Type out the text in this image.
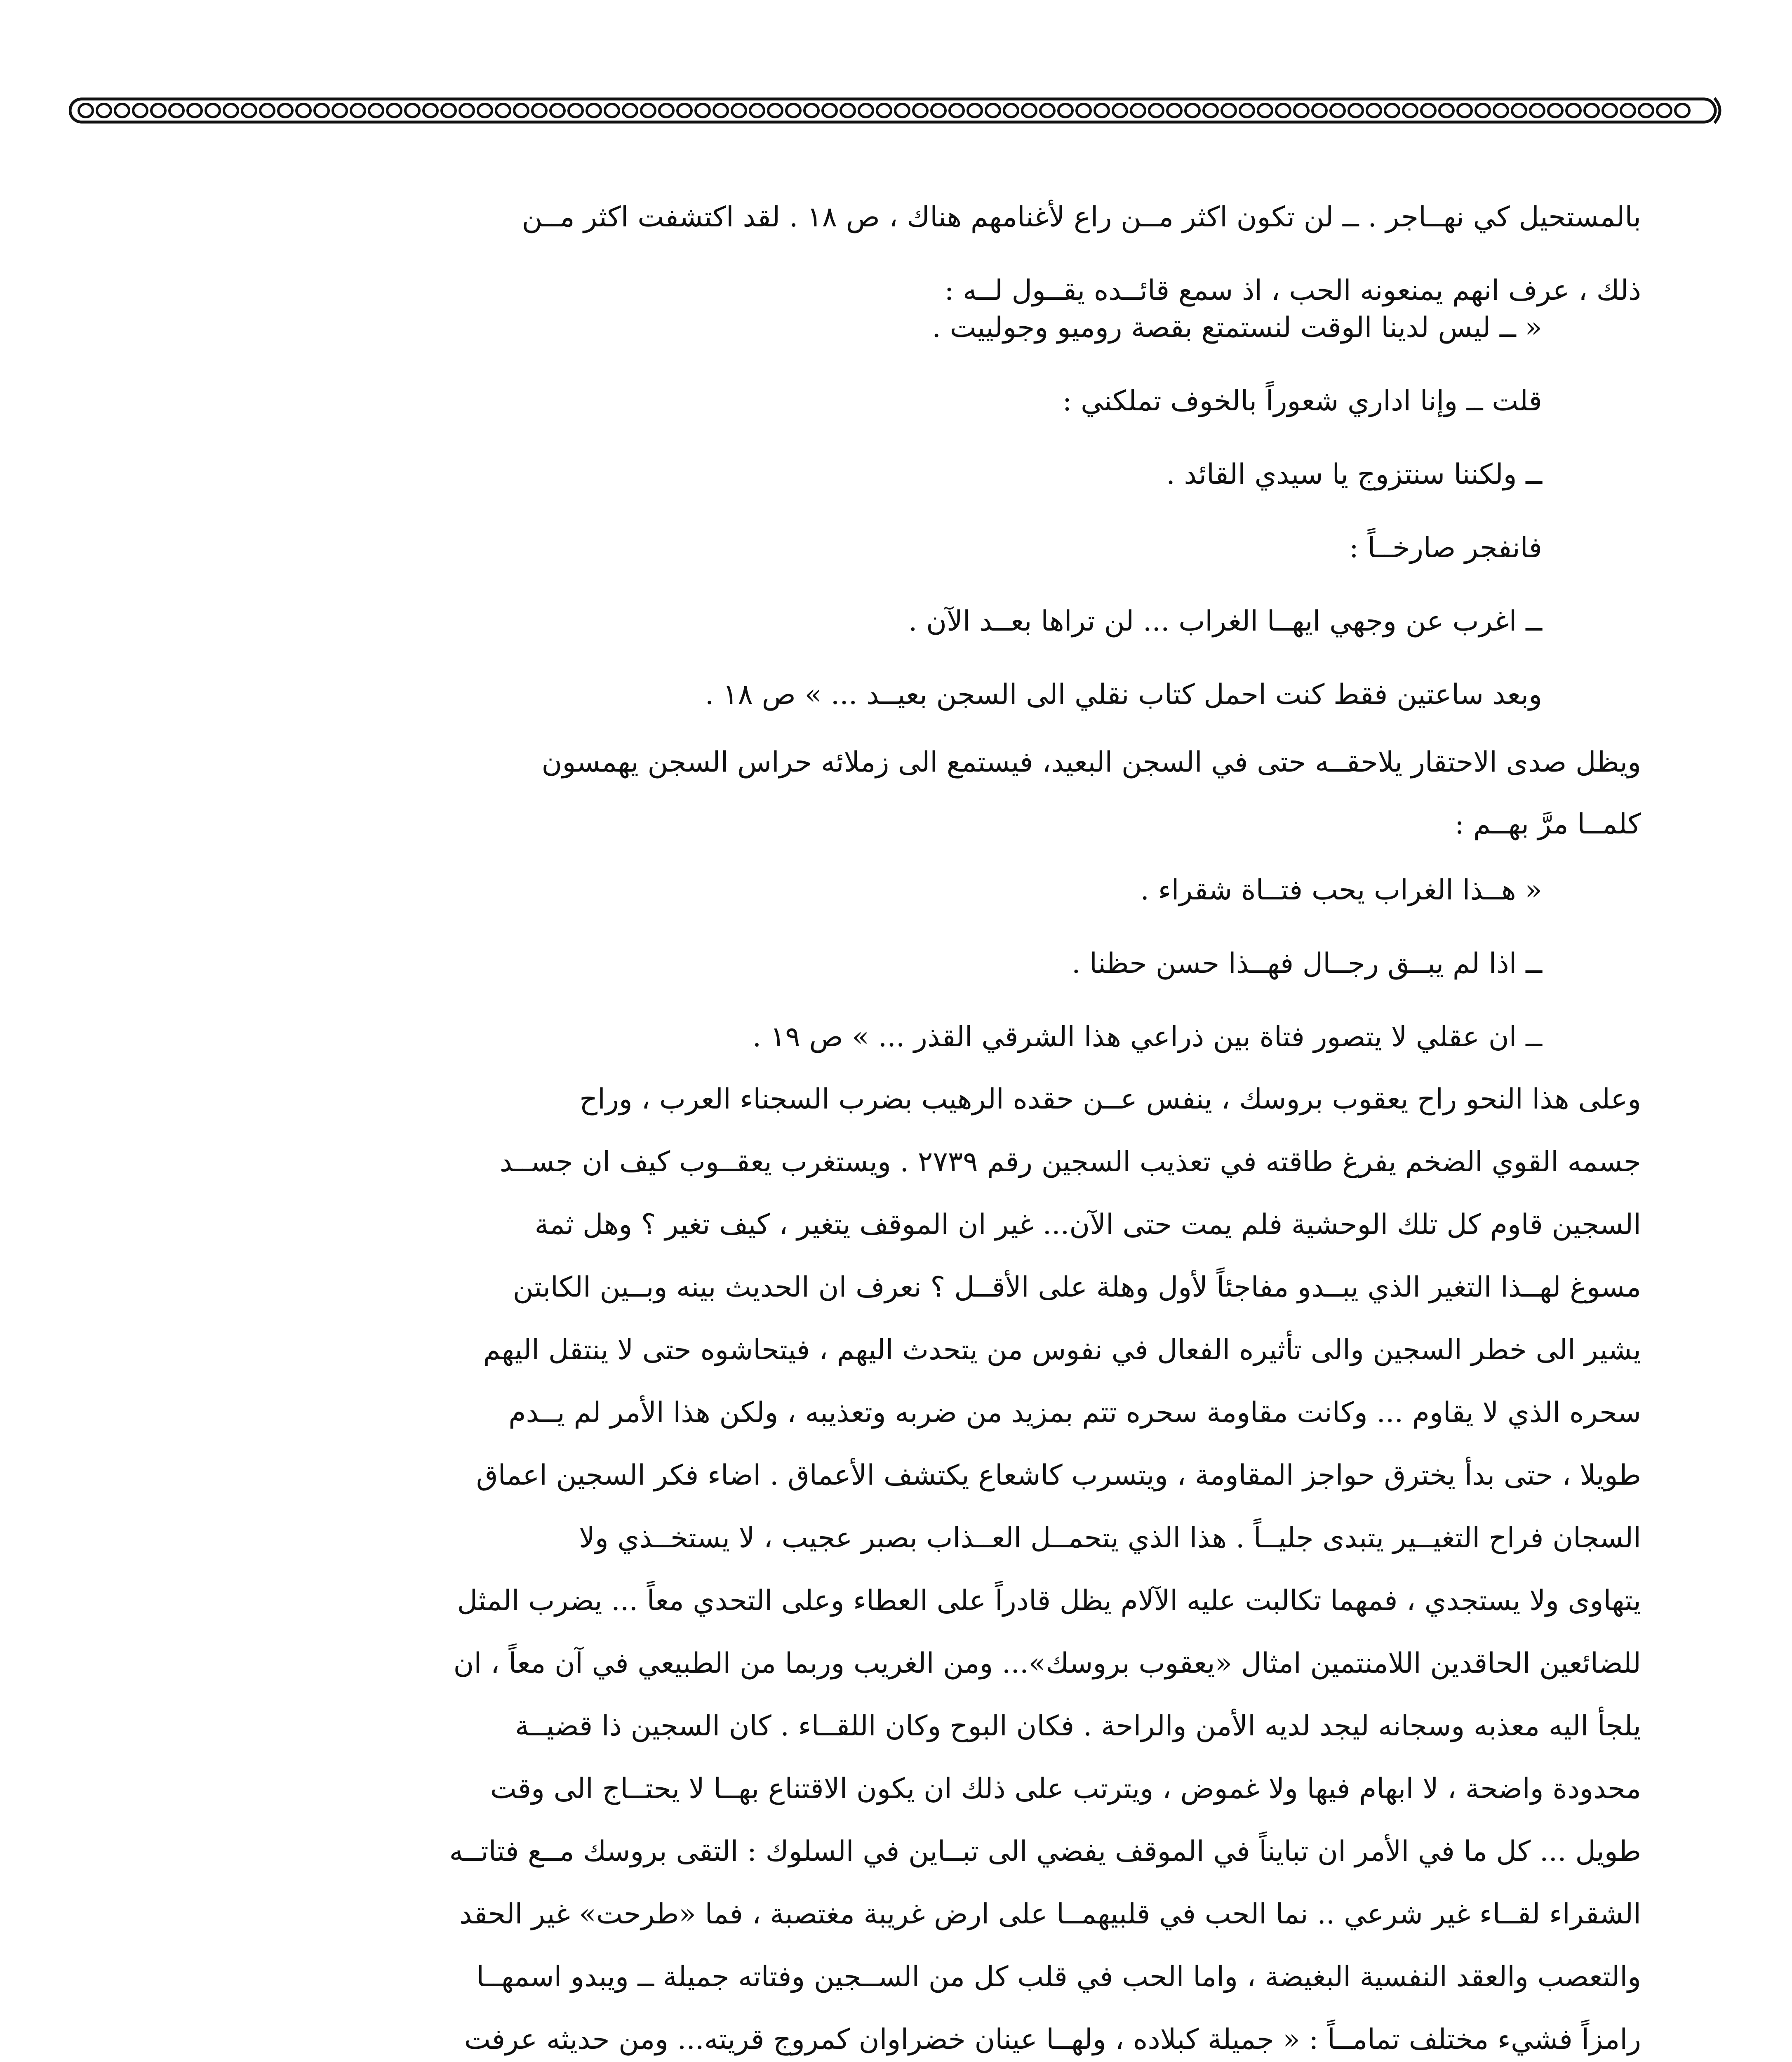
بالمستحيل كي نهــاجر . ــ لن تكون اكثر مــن راع لأغنامهم هناك ، ص ١٨ . لقد اكتشفت اكثر مــن

ذلك ، عرف انهم يمنعونه الحب ، اذ سمع قائــده يقــول لــه :

« ــ ليس لدينا الوقت لنستمتع بقصة روميو وجولييت .

قلت ــ وإنا اداري شعوراً بالخوف تملكني :

ــ ولكننا سنتزوج يا سيدي القائد .

فانفجر صارخــاً :

ــ اغرب عن وجهي ايهــا الغراب ... لن تراها بعــد الآن .

وبعد ساعتين فقط كنت احمل كتاب نقلي الى السجن بعيــد ... » ص ١٨ .

ويظل صدى الاحتقار يلاحقــه حتى في السجن البعيد، فيستمع الى زملائه حراس السجن يهمسون

كلمــا مرَّ بهــم :

« هــذا الغراب يحب فتــاة شقراء .

ــ اذا لم يبــق رجــال فهــذا حسن حظنا .

ــ ان عقلي لا يتصور فتاة بين ذراعي هذا الشرقي القذر ... » ص ١٩ .

وعلى هذا النحو راح يعقوب بروسك ، ينفس عــن حقده الرهيب بضرب السجناء العرب ، وراح

جسمه القوي الضخم يفرغ طاقته في تعذيب السجين رقم ٢٧٣٩ . ويستغرب يعقــوب كيف ان جســد

السجين قاوم كل تلك الوحشية فلم يمت حتى الآن... غير ان الموقف يتغير ، كيف تغير ؟ وهل ثمة

مسوغ لهــذا التغير الذي يبــدو مفاجئاً لأول وهلة على الأقــل ؟ نعرف ان الحديث بينه وبــين الكابتن

يشير الى خطر السجين والى تأثيره الفعال في نفوس من يتحدث اليهم ، فيتحاشوه حتى لا ينتقل اليهم

سحره الذي لا يقاوم ... وكانت مقاومة سحره تتم بمزيد من ضربه وتعذيبه ، ولكن هذا الأمر لم يــدم

طويلا ، حتى بدأ يخترق حواجز المقاومة ، ويتسرب كاشعاع يكتشف الأعماق . اضاء فكر السجين اعماق

السجان فراح التغيــير يتبدى جليــاً . هذا الذي يتحمــل العــذاب بصبر عجيب ، لا يستخــذي ولا

يتهاوى ولا يستجدي ، فمهما تكالبت عليه الآلام يظل قادراً على العطاء وعلى التحدي معاً ... يضرب المثل

للضائعين الحاقدين اللامنتمين امثال «يعقوب بروسك»... ومن الغريب وربما من الطبيعي في آن معاً ، ان

يلجأ اليه معذبه وسجانه ليجد لديه الأمن والراحة . فكان البوح وكان اللقــاء . كان السجين ذا قضيــة

محدودة واضحة ، لا ابهام فيها ولا غموض ، ويترتب على ذلك ان يكون الاقتناع بهــا لا يحتــاج الى وقت

طويل ... كل ما في الأمر ان تبايناً في الموقف يفضي الى تبــاين في السلوك : التقى بروسك مــع فتاتــه

الشقراء لقــاء غير شرعي .. نما الحب في قلبيهمــا على ارض غريبة مغتصبة ، فما «طرحت» غير الحقد

والتعصب والعقد النفسية البغيضة ، واما الحب في قلب كل من الســجين وفتاته جميلة ــ ويبدو اسمهــا

رامزاً فشيء مختلف تمامــاً : « جميلة كبلاده ، ولهــا عينان خضراوان كمروج قريته... ومن حديثه عرفت
